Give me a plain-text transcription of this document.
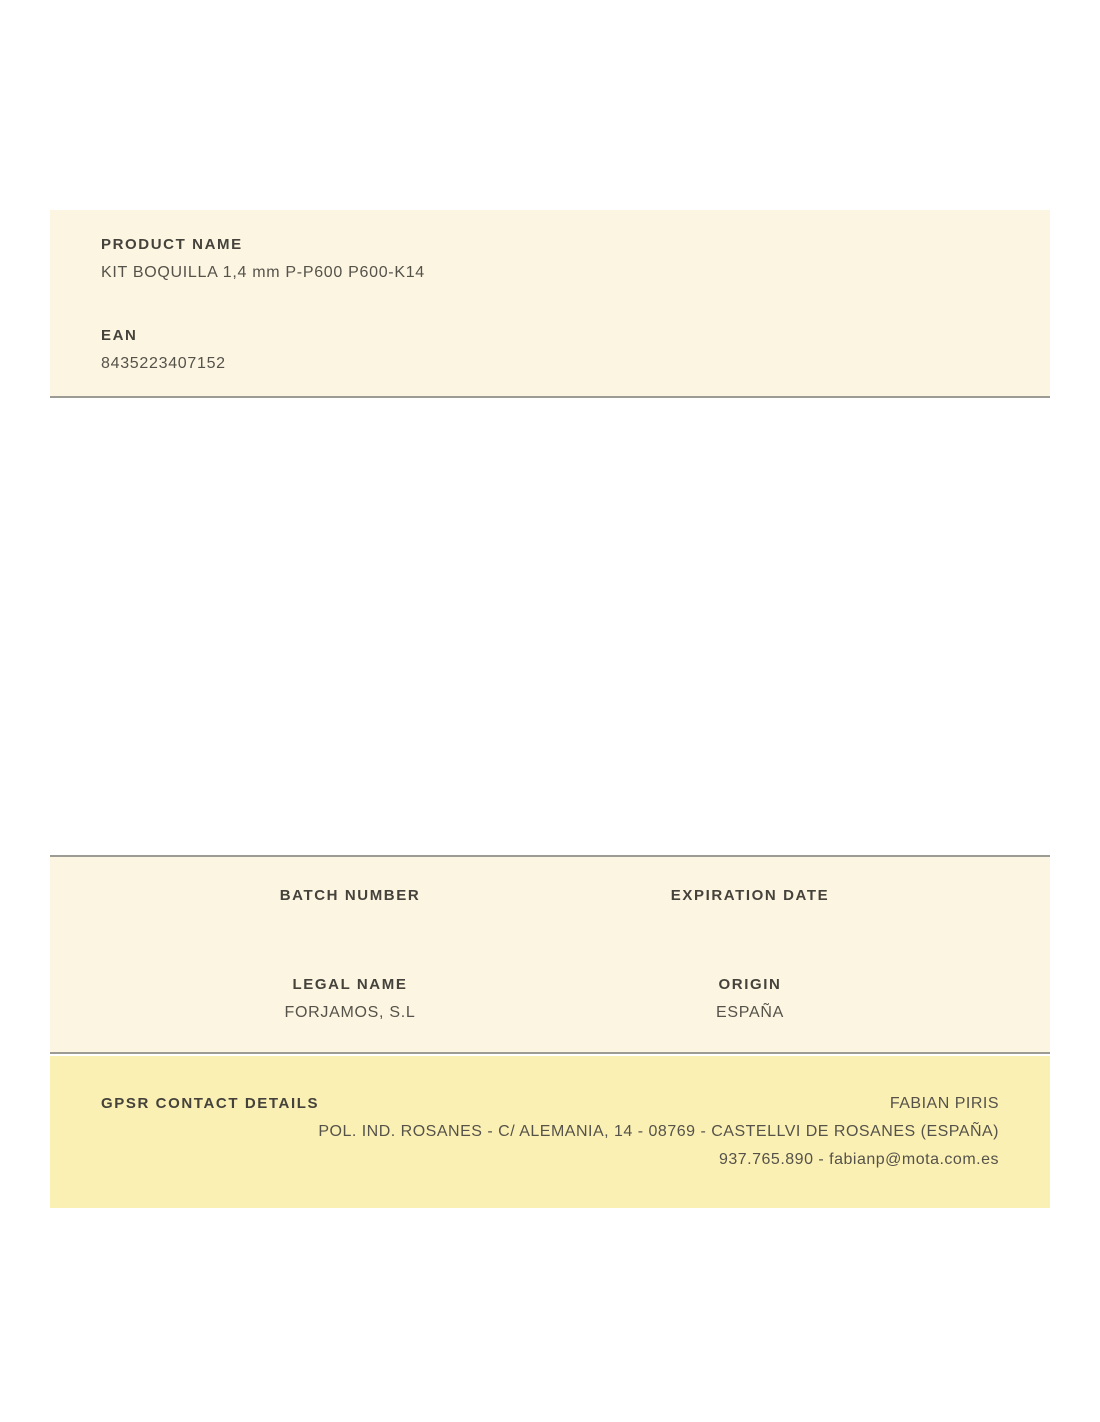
PRODUCT NAME
KIT BOQUILLA 1,4 mm P-P600 P600-K14
EAN
8435223407152
BATCH NUMBER	EXPIRATION DATE
LEGAL NAME
FORJAMOS, S.L
ORIGIN
ESPAÑA
GPSR CONTACT DETAILS	FABIAN PIRIS
POL. IND. ROSANES - C/ ALEMANIA, 14 - 08769 - CASTELLVI DE ROSANES (ESPAÑA)
937.765.890 - fabianp@mota.com.es
